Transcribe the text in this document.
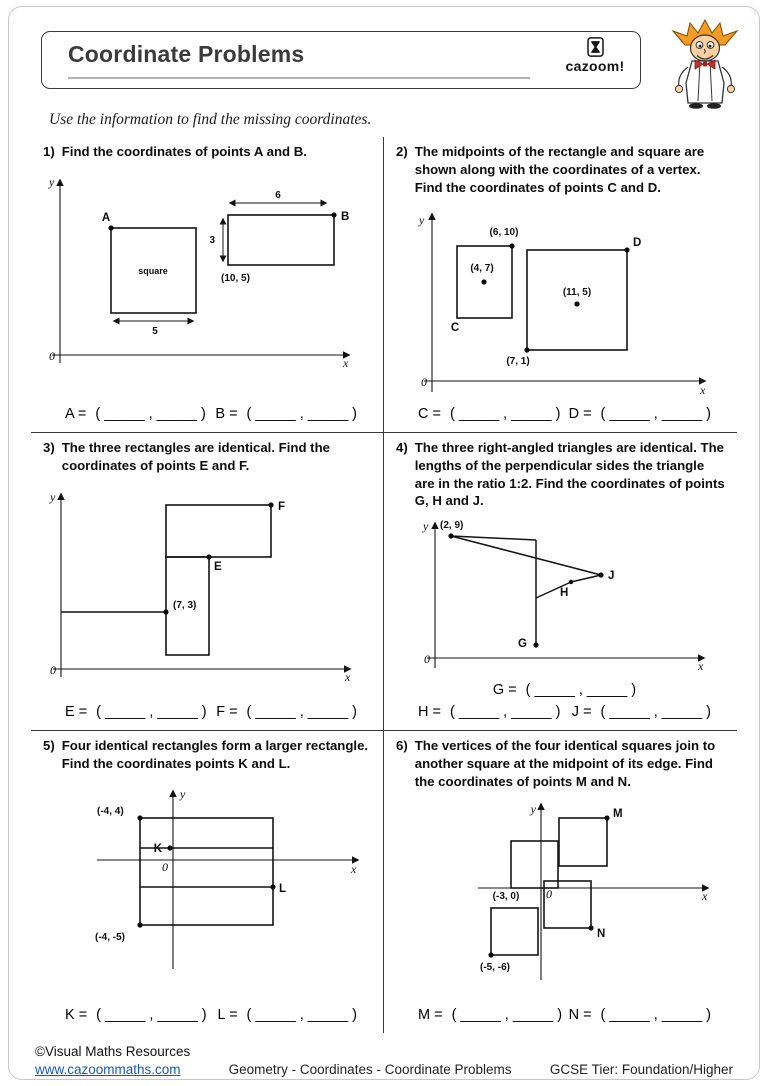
Coordinate Problems	cazoom!
Use the information to find the missing coordinates.
1) Find the coordinates of points A and B.
y
x
0
square
A	B
6
3
(10, 5)
5
A = ( _____ , _____ ) B = ( _____ , _____ )
2) The midpoints of the rectangle and square are shown along with the coordinates of a vertex. Find the coordinates of points C and D.
y
x
0
(6, 10)
(4, 7)
C
D
(11, 5)
(7, 1)
C = ( _____ , _____ ) D = ( _____ , _____ )
3) The three rectangles are identical. Find the coordinates of points E and F.
y
x
0
F
E
(7, 3)
E = ( _____ , _____ ) F = ( _____ , _____ )
4) The three right-angled triangles are identical. The lengths of the perpendicular sides the triangle are in the ratio 1:2. Find the coordinates of points G, H and J.
y
x
0
(2, 9)
G
H
J
G = ( _____ , _____ )
H = ( _____ , _____ ) J = ( _____ , _____ )
5) Four identical rectangles form a larger rectangle. Find the coordinates points K and L.
y
x
0
K
L
(-4, 4)
(-4, -5)
K = ( _____ , _____ ) L = ( _____ , _____ )
6) The vertices of the four identical squares join to another square at the midpoint of its edge. Find the coordinates of points M and N.
y
x
0
M
N
(-3, 0)
(-5, -6)
M = ( _____ , _____ ) N = ( _____ , _____ )
©Visual Maths Resources
www.cazoommaths.com	Geometry - Coordinates - Coordinate Problems	GCSE Tier: Foundation/Higher
